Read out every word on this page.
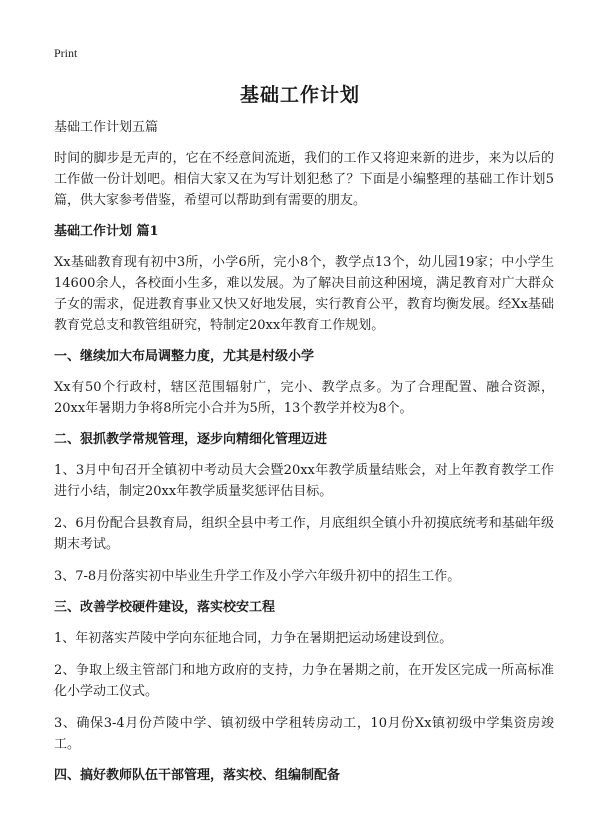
Print
基础工作计划
基础工作计划五篇

时间的脚步是无声的，它在不经意间流逝，我们的工作又将迎来新的进步，来为以后的工作做一份计划吧。相信大家又在为写计划犯愁了？下面是小编整理的基础工作计划5篇，供大家参考借鉴，希望可以帮助到有需要的朋友。

基础工作计划 篇1

Xx基础教育现有初中3所，小学6所，完小8个，教学点13个，幼儿园19家；中小学生14600余人，各校面小生多，难以发展。为了解决目前这种困境，满足教育对广大群众子女的需求，促进教育事业又快又好地发展，实行教育公平，教育均衡发展。经Xx基础教育党总支和教管组研究，特制定20xx年教育工作规划。

一、继续加大布局调整力度，尤其是村级小学

Xx有50个行政村，辖区范围辐射广，完小、教学点多。为了合理配置、融合资源，20xx年暑期力争将8所完小合并为5所，13个教学并校为8个。

二、狠抓教学常规管理，逐步向精细化管理迈进

1、3月中旬召开全镇初中考动员大会暨20xx年教学质量结账会，对上年教育教学工作进行小结，制定20xx年教学质量奖惩评估目标。

2、6月份配合县教育局，组织全县中考工作，月底组织全镇小升初摸底统考和基础年级期末考试。

3、7-8月份落实初中毕业生升学工作及小学六年级升初中的招生工作。

三、改善学校硬件建设，落实校安工程

1、年初落实芦陵中学向东征地合同，力争在暑期把运动场建设到位。

2、争取上级主管部门和地方政府的支持，力争在暑期之前，在开发区完成一所高标准化小学动工仪式。

3、确保3-4月份芦陵中学、镇初级中学租转房动工，10月份Xx镇初级中学集资房竣工。

四、搞好教师队伍干部管理，落实校、组编制配备
